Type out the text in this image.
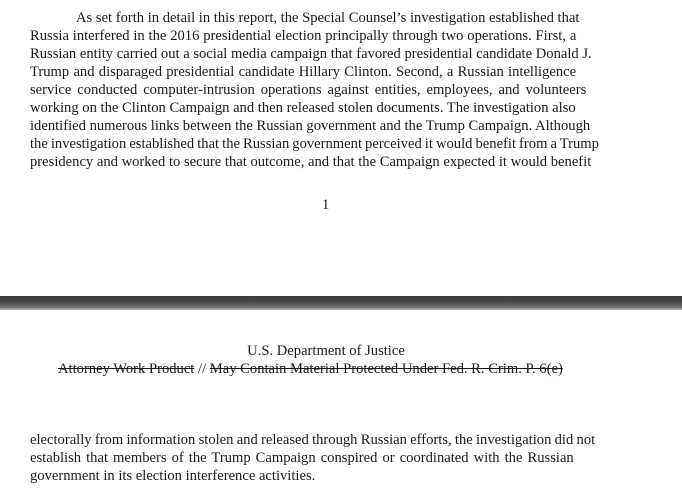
As set forth in detail in this report, the Special Counsel’s investigation established that
Russia interfered in the 2016 presidential election principally through two operations. First, a
Russian entity carried out a social media campaign that favored presidential candidate Donald J.
Trump and disparaged presidential candidate Hillary Clinton. Second, a Russian intelligence
service conducted computer-intrusion operations against entities, employees, and volunteers
working on the Clinton Campaign and then released stolen documents. The investigation also
identified numerous links between the Russian government and the Trump Campaign. Although
the investigation established that the Russian government perceived it would benefit from a Trump
presidency and worked to secure that outcome, and that the Campaign expected it would benefit
1
U.S. Department of Justice
Attorney Work Product // May Contain Material Protected Under Fed. R. Crim. P. 6(e)
electorally from information stolen and released through Russian efforts, the investigation did not
establish that members of the Trump Campaign conspired or coordinated with the Russian
government in its election interference activities.
